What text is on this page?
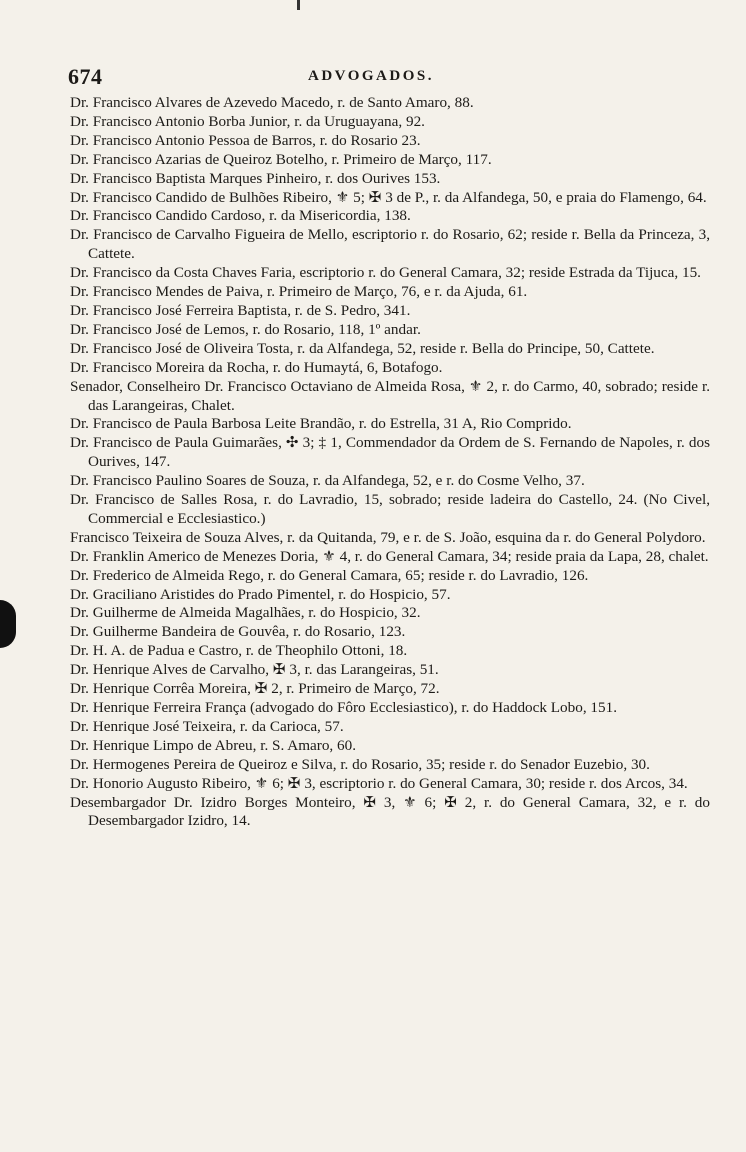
674	ADVOGADOS.

Dr. Francisco Alvares de Azevedo Macedo, r. de Santo Amaro, 88.

Dr. Francisco Antonio Borba Junior, r. da Uruguayana, 92.

Dr. Francisco Antonio Pessoa de Barros, r. do Rosario 23.

Dr. Francisco Azarias de Queiroz Botelho, r. Primeiro de Março, 117.

Dr. Francisco Baptista Marques Pinheiro, r. dos Ourives 153.

Dr. Francisco Candido de Bulhões Ribeiro, ⚜ 5; ✠ 3 de P., r. da Alfandega, 50, e praia do Flamengo, 64.

Dr. Francisco Candido Cardoso, r. da Misericordia, 138.

Dr. Francisco de Carvalho Figueira de Mello, escriptorio r. do Rosario, 62; reside r. Bella da Princeza, 3, Cattete.

Dr. Francisco da Costa Chaves Faria, escriptorio r. do General Camara, 32; reside Estrada da Tijuca, 15.

Dr. Francisco Mendes de Paiva, r. Primeiro de Março, 76, e r. da Ajuda, 61.

Dr. Francisco José Ferreira Baptista, r. de S. Pedro, 341.

Dr. Francisco José de Lemos, r. do Rosario, 118, 1º andar.

Dr. Francisco José de Oliveira Tosta, r. da Alfandega, 52, reside r. Bella do Principe, 50, Cattete.

Dr. Francisco Moreira da Rocha, r. do Humaytá, 6, Botafogo.

Senador, Conselheiro Dr. Francisco Octaviano de Almeida Rosa, ⚜ 2, r. do Carmo, 40, sobrado; reside r. das Larangeiras, Chalet.

Dr. Francisco de Paula Barbosa Leite Brandão, r. do Estrella, 31 A, Rio Comprido.

Dr. Francisco de Paula Guimarães, ✣ 3; ‡ 1, Commendador da Ordem de S. Fernando de Napoles, r. dos Ourives, 147.

Dr. Francisco Paulino Soares de Souza, r. da Alfandega, 52, e r. do Cosme Velho, 37.

Dr. Francisco de Salles Rosa, r. do Lavradio, 15, sobrado; reside ladeira do Castello, 24. (No Civel, Commercial e Ecclesiastico.)

Francisco Teixeira de Souza Alves, r. da Quitanda, 79, e r. de S. João, esquina da r. do General Polydoro.

Dr. Franklin Americo de Menezes Doria, ⚜ 4, r. do General Camara, 34; reside praia da Lapa, 28, chalet.

Dr. Frederico de Almeida Rego, r. do General Camara, 65; reside r. do Lavradio, 126.

Dr. Graciliano Aristides do Prado Pimentel, r. do Hospicio, 57.

Dr. Guilherme de Almeida Magalhães, r. do Hospicio, 32.

Dr. Guilherme Bandeira de Gouvêa, r. do Rosario, 123.

Dr. H. A. de Padua e Castro, r. de Theophilo Ottoni, 18.

Dr. Henrique Alves de Carvalho, ✠ 3, r. das Larangeiras, 51.

Dr. Henrique Corrêa Moreira, ✠ 2, r. Primeiro de Março, 72.

Dr. Henrique Ferreira França (advogado do Fôro Ecclesiastico), r. do Haddock Lobo, 151.

Dr. Henrique José Teixeira, r. da Carioca, 57.

Dr. Henrique Limpo de Abreu, r. S. Amaro, 60.

Dr. Hermogenes Pereira de Queiroz e Silva, r. do Rosario, 35; reside r. do Senador Euzebio, 30.

Dr. Honorio Augusto Ribeiro, ⚜ 6; ✠ 3, escriptorio r. do General Camara, 30; reside r. dos Arcos, 34.

Desembargador Dr. Izidro Borges Monteiro, ✠ 3, ⚜ 6; ✠ 2, r. do General Camara, 32, e r. do Desembargador Izidro, 14.
